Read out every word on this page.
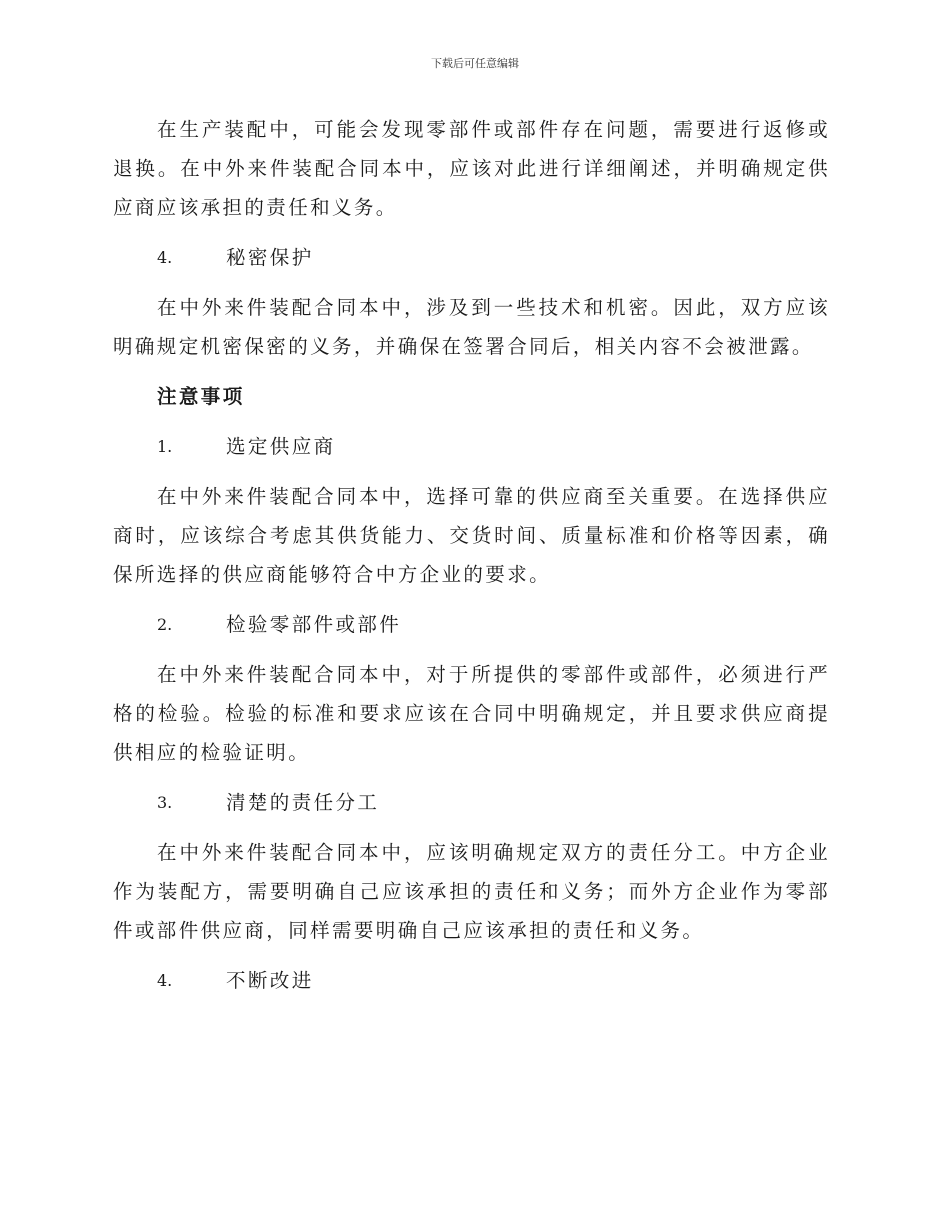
下载后可任意编辑

在生产装配中，可能会发现零部件或部件存在问题，需要进行返修或退换。在中外来件装配合同本中，应该对此进行详细阐述，并明确规定供应商应该承担的责任和义务。

4.	秘密保护

在中外来件装配合同本中，涉及到一些技术和机密。因此，双方应该明确规定机密保密的义务，并确保在签署合同后，相关内容不会被泄露。

注意事项
1.	选定供应商

在中外来件装配合同本中，选择可靠的供应商至关重要。在选择供应商时，应该综合考虑其供货能力、交货时间、质量标准和价格等因素，确保所选择的供应商能够符合中方企业的要求。

2.	检验零部件或部件

在中外来件装配合同本中，对于所提供的零部件或部件，必须进行严格的检验。检验的标准和要求应该在合同中明确规定，并且要求供应商提供相应的检验证明。

3.	清楚的责任分工

在中外来件装配合同本中，应该明确规定双方的责任分工。中方企业作为装配方，需要明确自己应该承担的责任和义务；而外方企业作为零部件或部件供应商，同样需要明确自己应该承担的责任和义务。

4.	不断改进
